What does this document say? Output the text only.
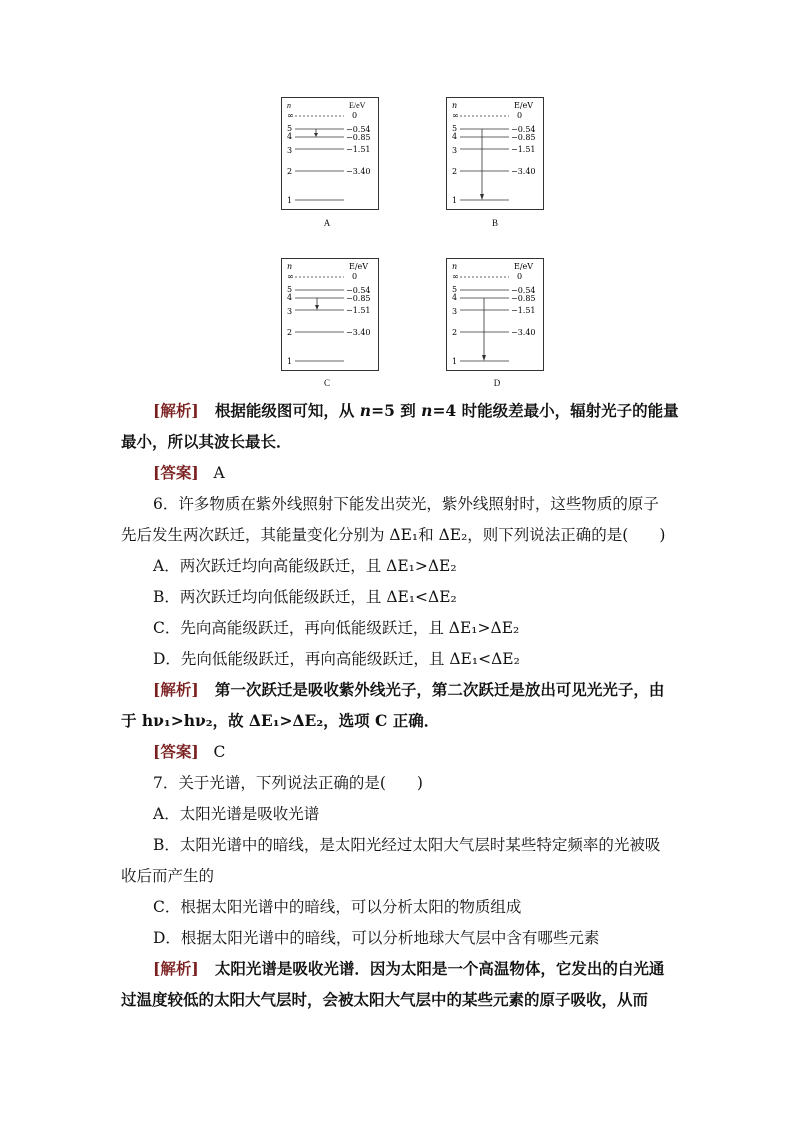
n	E/eV
∞	0
5	−0.54
4	−0.85
3	−1.51
2	−3.40
1
A
n	E/eV
∞	0
5	−0.54
4	−0.85
3	−1.51
2	−3.40
1
B
n	E/eV
∞	0
5	−0.54
4	−0.85
3	−1.51
2	−3.40
1
C
n	E/eV
∞	0
5	−0.54
4	−0.85
3	−1.51
2	−3.40
1
D
[解析] 根据能级图可知，从 n=5 到 n=4 时能级差最小，辐射光子的能量
最小，所以其波长最长．
[答案] A
6．许多物质在紫外线照射下能发出荧光，紫外线照射时，这些物质的原子
先后发生两次跃迁，其能量变化分别为 ΔE₁和 ΔE₂，则下列说法正确的是(　　)
A．两次跃迁均向高能级跃迁，且 ΔE₁>ΔE₂
B．两次跃迁均向低能级跃迁，且 ΔE₁<ΔE₂
C．先向高能级跃迁，再向低能级跃迁，且 ΔE₁>ΔE₂
D．先向低能级跃迁，再向高能级跃迁，且 ΔE₁<ΔE₂
[解析] 第一次跃迁是吸收紫外线光子，第二次跃迁是放出可见光光子，由
于 hν₁>hν₂，故 ΔE₁>ΔE₂，选项 C 正确．
[答案] C
7．关于光谱，下列说法正确的是(　　)
A．太阳光谱是吸收光谱
B．太阳光谱中的暗线，是太阳光经过太阳大气层时某些特定频率的光被吸
收后而产生的
C．根据太阳光谱中的暗线，可以分析太阳的物质组成
D．根据太阳光谱中的暗线，可以分析地球大气层中含有哪些元素
[解析] 太阳光谱是吸收光谱．因为太阳是一个高温物体，它发出的白光通
过温度较低的太阳大气层时，会被太阳大气层中的某些元素的原子吸收，从而
